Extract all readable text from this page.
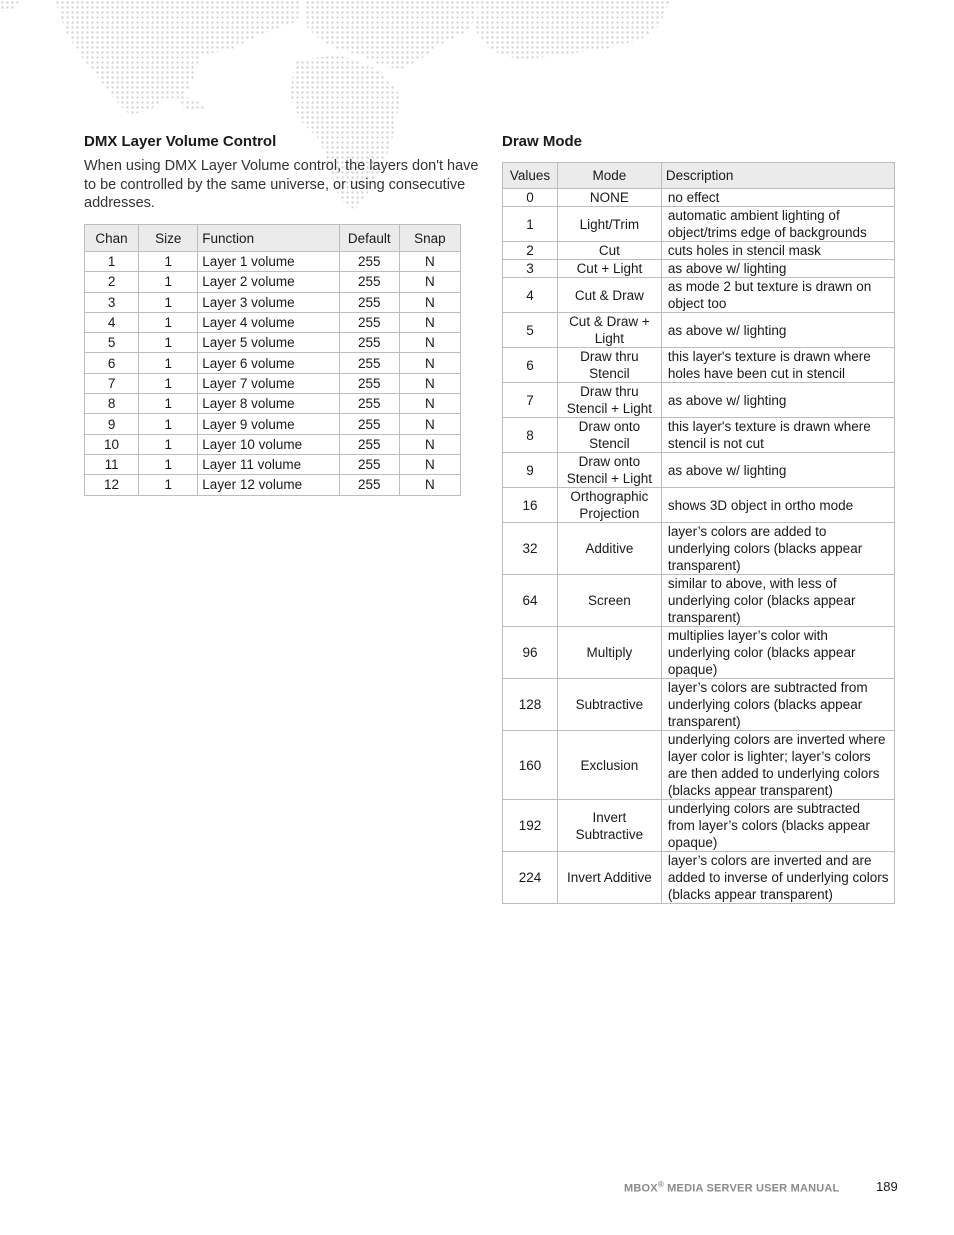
DMX Layer Volume Control

When using DMX Layer Volume control, the layers don't have to be controlled by the same universe, or using consecutive addresses.

Chan	Size	Function	Default	Snap
1	1	Layer 1 volume	255	N
2	1	Layer 2 volume	255	N
3	1	Layer 3 volume	255	N
4	1	Layer 4 volume	255	N
5	1	Layer 5 volume	255	N
6	1	Layer 6 volume	255	N
7	1	Layer 7 volume	255	N
8	1	Layer 8 volume	255	N
9	1	Layer 9 volume	255	N
10	1	Layer 10 volume	255	N
11	1	Layer 11 volume	255	N
12	1	Layer 12 volume	255	N
Draw Mode
Values	Mode	Description
0	NONE	no effect
1	Light/Trim	automatic ambient lighting of object/trims edge of backgrounds
2	Cut	cuts holes in stencil mask
3	Cut + Light	as above w/ lighting
4	Cut & Draw	as mode 2 but texture is drawn on object too
5	Cut & Draw + Light	as above w/ lighting
6	Draw thru Stencil	this layer's texture is drawn where holes have been cut in stencil
7	Draw thru Stencil + Light	as above w/ lighting
8	Draw onto Stencil	this layer's texture is drawn where stencil is not cut
9	Draw onto Stencil + Light	as above w/ lighting
16	Orthographic Projection	shows 3D object in ortho mode
32	Additive	layer’s colors are added to underlying colors (blacks appear transparent)
64	Screen	similar to above, with less of underlying color (blacks appear transparent)
96	Multiply	multiplies layer’s color with underlying color (blacks appear opaque)
128	Subtractive	layer’s colors are subtracted from underlying colors (blacks appear transparent)
160	Exclusion	underlying colors are inverted where layer color is lighter; layer’s colors are then added to underlying colors (blacks appear transparent)
192	Invert Subtractive	underlying colors are subtracted from layer’s colors (blacks appear opaque)
224	Invert Additive	layer’s colors are inverted and are added to inverse of underlying colors (blacks appear transparent)
MBOX® MEDIA SERVER USER MANUAL	189
